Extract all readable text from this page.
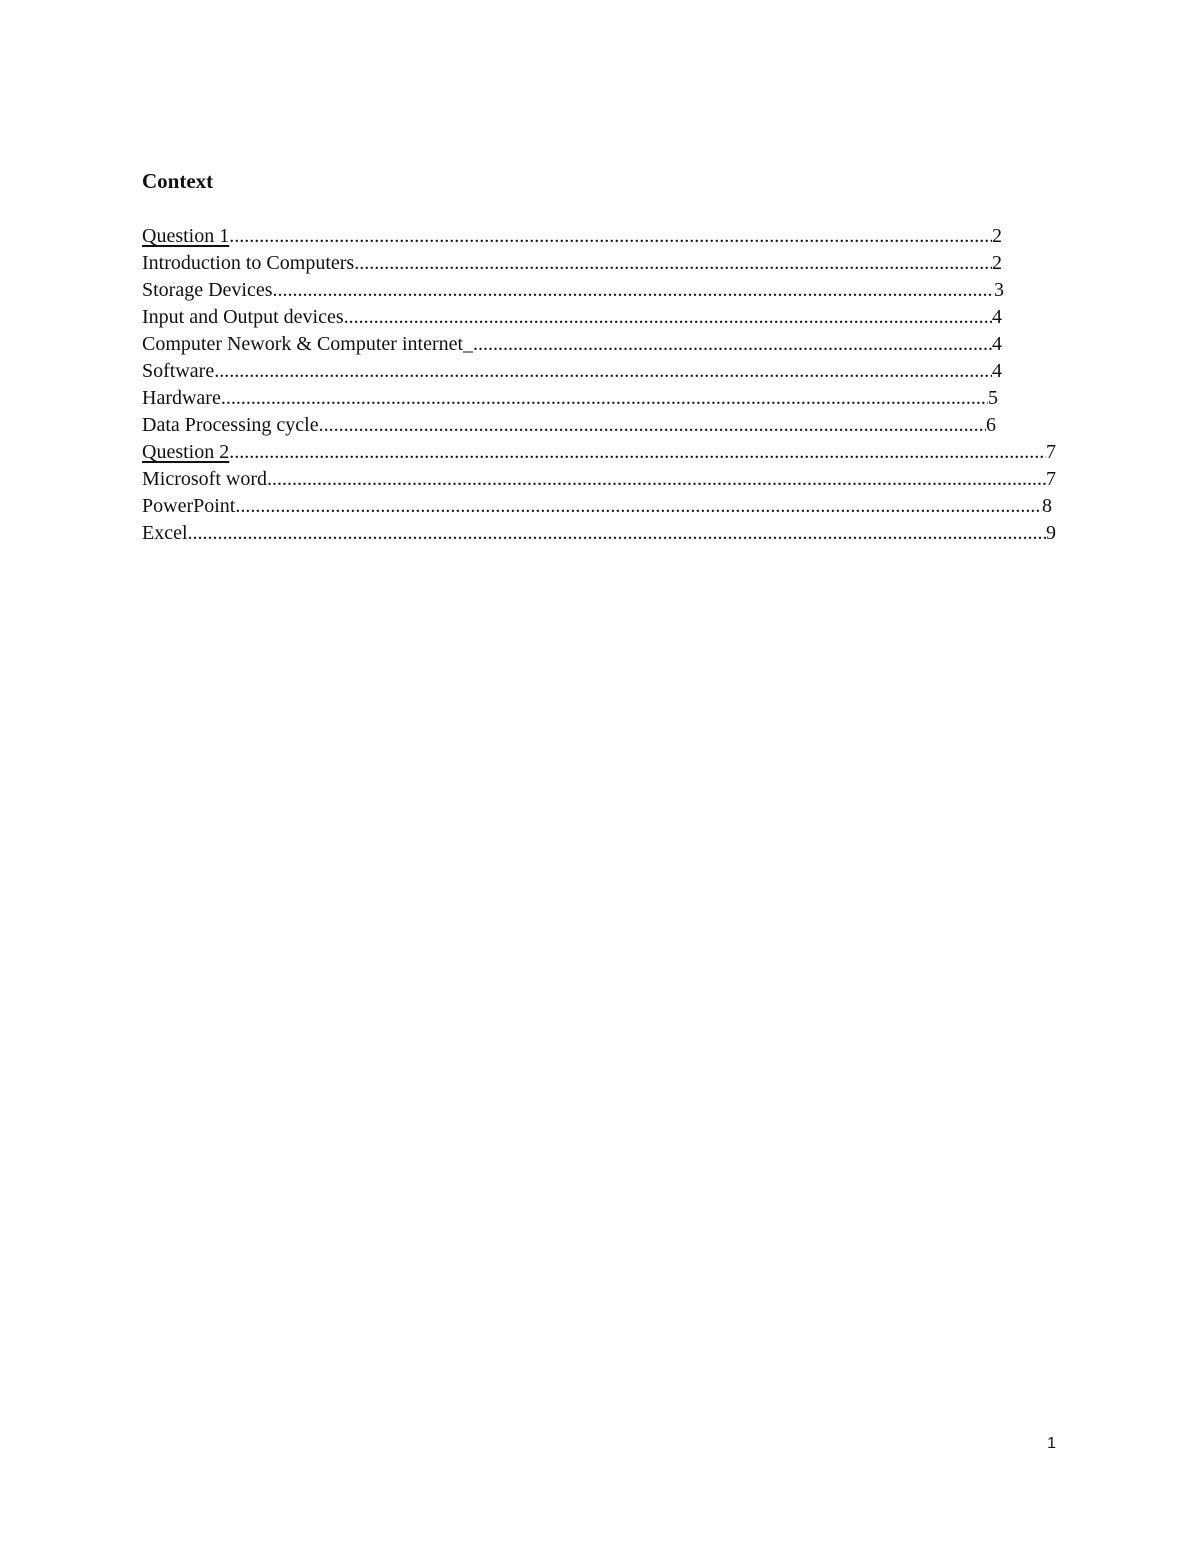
Context
Question 1 .....	2
Introduction to Computers .....	2
Storage Devices .....	3
Input and Output devices .....	4
Computer Nework & Computer internet_ .....	4
Software .....	4
Hardware .....	5
Data Processing cycle .....	6
Question 2 .....	7
Microsoft word .....	7
PowerPoint .....	8
Excel .....	9
1
